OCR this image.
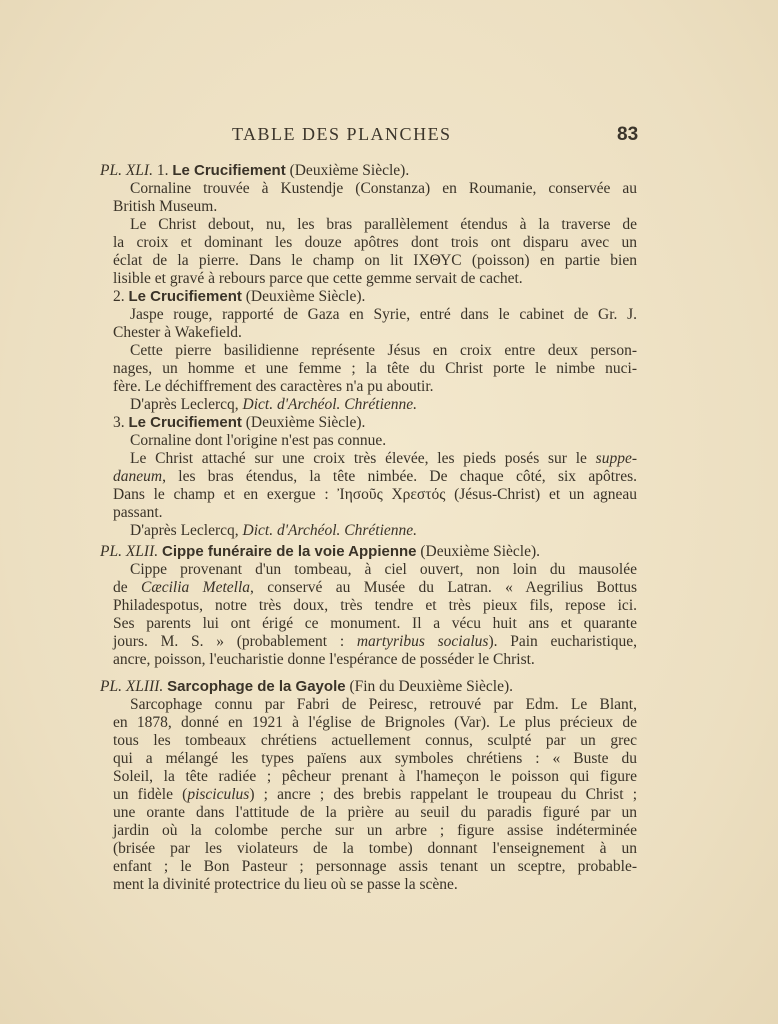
TABLE DES PLANCHES	83
PL. XLI. 1. Le Crucifiement (Deuxième Siècle).
Cornaline trouvée à Kustendje (Constanza) en Roumanie, conservée au
British Museum.
Le Christ debout, nu, les bras parallèlement étendus à la traverse de
la croix et dominant les douze apôtres dont trois ont disparu avec un
éclat de la pierre. Dans le champ on lit ΙΧΘΥC (poisson) en partie bien
lisible et gravé à rebours parce que cette gemme servait de cachet.
2. Le Crucifiement (Deuxième Siècle).
Jaspe rouge, rapporté de Gaza en Syrie, entré dans le cabinet de Gr. J.
Chester à Wakefield.
Cette pierre basilidienne représente Jésus en croix entre deux person-
nages, un homme et une femme ; la tête du Christ porte le nimbe nuci-
fère. Le déchiffrement des caractères n'a pu aboutir.
D'après Leclercq, Dict. d'Archéol. Chrétienne.
3. Le Crucifiement (Deuxième Siècle).
Cornaline dont l'origine n'est pas connue.
Le Christ attaché sur une croix très élevée, les pieds posés sur le suppe-
daneum, les bras étendus, la tête nimbée. De chaque côté, six apôtres.
Dans le champ et en exergue : Ἰησοῦς Χρεστός (Jésus-Christ) et un agneau
passant.
D'après Leclercq, Dict. d'Archéol. Chrétienne.
PL. XLII. Cippe funéraire de la voie Appienne (Deuxième Siècle).
Cippe provenant d'un tombeau, à ciel ouvert, non loin du mausolée
de Cæcilia Metella, conservé au Musée du Latran. « Aegrilius Bottus
Philadespotus, notre très doux, très tendre et très pieux fils, repose ici.
Ses parents lui ont érigé ce monument. Il a vécu huit ans et quarante
jours. M. S. » (probablement : martyribus socialus). Pain eucharistique,
ancre, poisson, l'eucharistie donne l'espérance de posséder le Christ.
PL. XLIII. Sarcophage de la Gayole (Fin du Deuxième Siècle).
Sarcophage connu par Fabri de Peiresc, retrouvé par Edm. Le Blant,
en 1878, donné en 1921 à l'église de Brignoles (Var). Le plus précieux de
tous les tombeaux chrétiens actuellement connus, sculpté par un grec
qui a mélangé les types païens aux symboles chrétiens : « Buste du
Soleil, la tête radiée ; pêcheur prenant à l'hameçon le poisson qui figure
un fidèle (pisciculus) ; ancre ; des brebis rappelant le troupeau du Christ ;
une orante dans l'attitude de la prière au seuil du paradis figuré par un
jardin où la colombe perche sur un arbre ; figure assise indéterminée
(brisée par les violateurs de la tombe) donnant l'enseignement à un
enfant ; le Bon Pasteur ; personnage assis tenant un sceptre, probable-
ment la divinité protectrice du lieu où se passe la scène.
